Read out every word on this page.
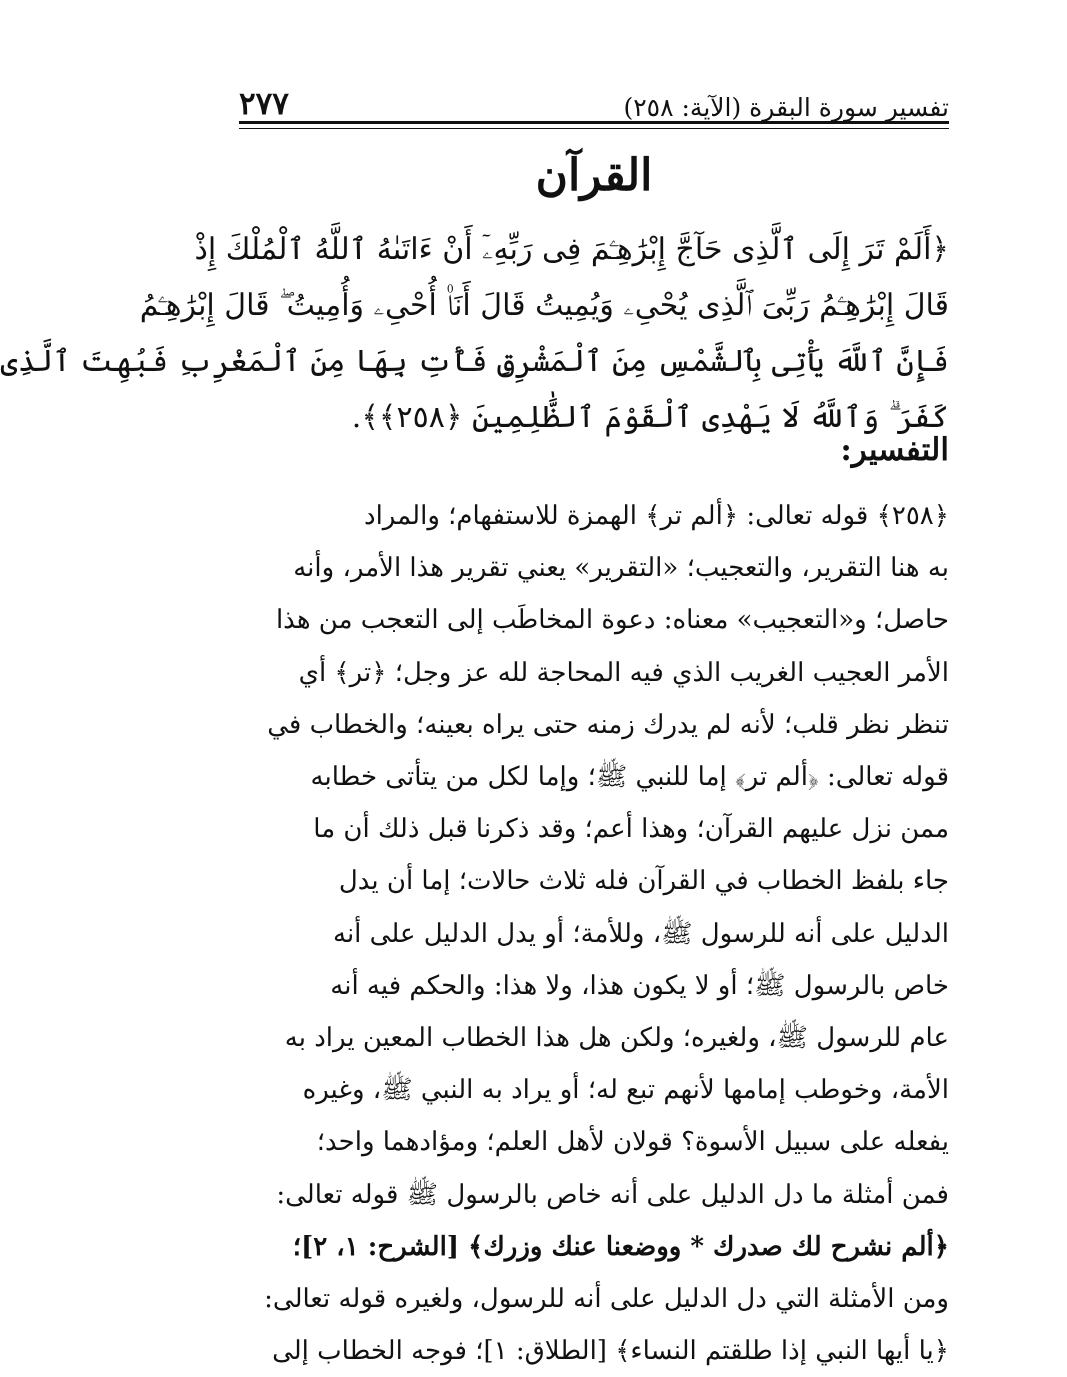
تفسير سورة البقرة (الآية: ٢٥٨)
٢٧٧
القرآن
﴿أَلَمْ تَرَ إِلَى ٱلَّذِى حَآجَّ إِبْرَٰهِـۧمَ فِى رَبِّهِۦٓ أَنْ ءَاتَىٰهُ ٱللَّهُ ٱلْمُلْكَ إِذْ
قَالَ إِبْرَٰهِـۧمُ رَبِّىَ ٱلَّذِى يُحْىِۦ وَيُمِيتُ قَالَ أَنَا۠ أُحْىِۦ وَأُمِيتُ ۖ قَالَ إِبْرَٰهِـۧمُ
فَإِنَّ ٱللَّهَ يَأْتِى بِٱلشَّمْسِ مِنَ ٱلْمَشْرِقِ فَأْتِ بِهَا مِنَ ٱلْمَغْرِبِ فَبُهِتَ ٱلَّذِى
كَفَرَ ۗ وَٱللَّهُ لَا يَهْدِى ٱلْقَوْمَ ٱلظَّٰلِمِينَ ﴿٢٥٨﴾﴾.
التفسير:
﴿٢٥٨﴾ قوله تعالى: ﴿ألم تر﴾ الهمزة للاستفهام؛ والمراد
به هنا التقرير، والتعجيب؛ «التقرير» يعني تقرير هذا الأمر، وأنه
حاصل؛ و«التعجيب» معناه: دعوة المخاطَب إلى التعجب من هذا
الأمر العجيب الغريب الذي فيه المحاجة لله عز وجل؛ ﴿تر﴾ أي
تنظر نظر قلب؛ لأنه لم يدرك زمنه حتى يراه بعينه؛ والخطاب في
قوله تعالى: ﴿ألم تر﴾ إما للنبي ﷺ؛ وإما لكل من يتأتى خطابه
ممن نزل عليهم القرآن؛ وهذا أعم؛ وقد ذكرنا قبل ذلك أن ما
جاء بلفظ الخطاب في القرآن فله ثلاث حالات؛ إما أن يدل
الدليل على أنه للرسول ﷺ، وللأمة؛ أو يدل الدليل على أنه
خاص بالرسول ﷺ؛ أو لا يكون هذا، ولا هذا: والحكم فيه أنه
عام للرسول ﷺ، ولغيره؛ ولكن هل هذا الخطاب المعين يراد به
الأمة، وخوطب إمامها لأنهم تبع له؛ أو يراد به النبي ﷺ، وغيره
يفعله على سبيل الأسوة؟ قولان لأهل العلم؛ ومؤادهما واحد؛
فمن أمثلة ما دل الدليل على أنه خاص بالرسول ﷺ قوله تعالى:
﴿ألم نشرح لك صدرك * ووضعنا عنك وزرك﴾ [الشرح: ١، ٢]؛
ومن الأمثلة التي دل الدليل على أنه للرسول، ولغيره قوله تعالى:
﴿يا أيها النبي إذا طلقتم النساء﴾ [الطلاق: ١]؛ فوجه الخطاب إلى
